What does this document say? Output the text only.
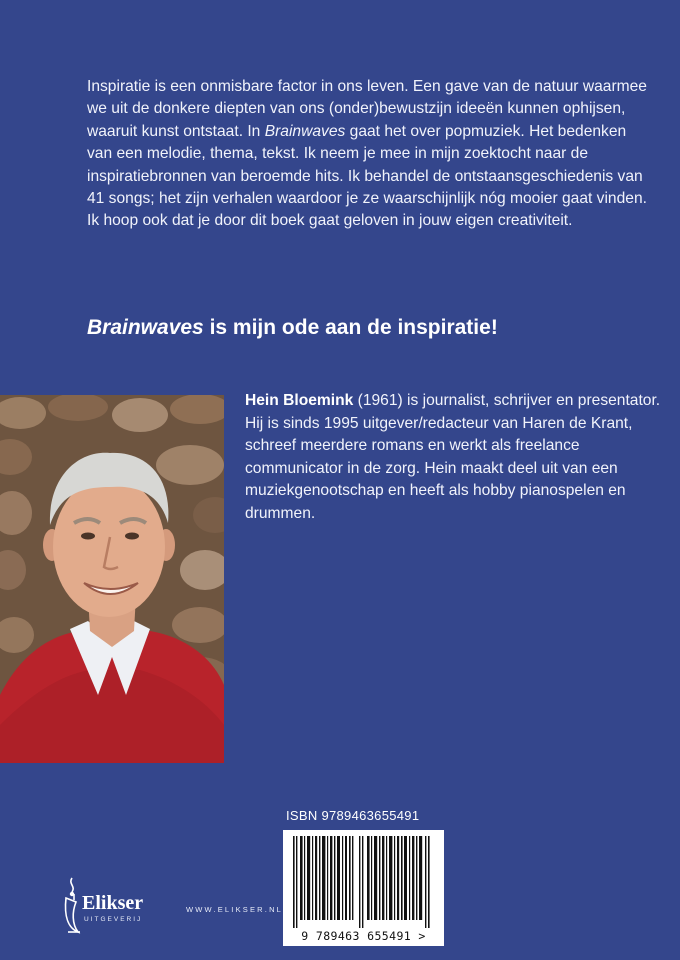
Inspiratie is een onmisbare factor in ons leven. Een gave van de natuur waarmee we uit de donkere diepten van ons (onder)bewustzijn ideeën kunnen ophijsen, waaruit kunst ontstaat. In Brainwaves gaat het over popmuziek. Het bedenken van een melodie, thema, tekst. Ik neem je mee in mijn zoektocht naar de inspiratiebronnen van beroemde hits. Ik behandel de ontstaansgeschiedenis van 41 songs; het zijn verhalen waardoor je ze waarschijnlijk nóg mooier gaat vinden. Ik hoop ook dat je door dit boek gaat geloven in jouw eigen creativiteit.

Brainwaves is mijn ode aan de inspiratie!

Hein Bloemink (1961) is journalist, schrijver en presentator. Hij is sinds 1995 uitgever/redacteur van Haren de Krant, schreef meerdere romans en werkt als freelance communicator in de zorg. Hein maakt deel uit van een muziekgenootschap en heeft als hobby pianospelen en drummen.

ISBN 9789463655491
9 789463 655491 >
Elikser
UITGEVERIJ
WWW.ELIKSER.NL
